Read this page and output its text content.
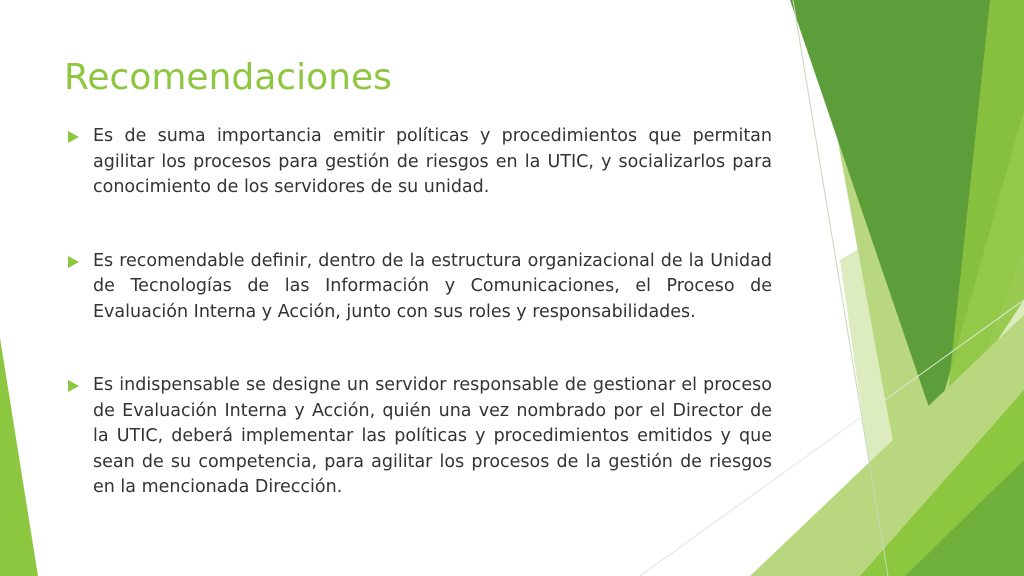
Recomendaciones
Es de suma importancia emitir políticas y procedimientos que permitan agilitar los procesos para gestión de riesgos en la UTIC, y socializarlos para conocimiento de los servidores de su unidad.
Es recomendable definir, dentro de la estructura organizacional de la Unidad de Tecnologías de las Información y Comunicaciones, el Proceso de Evaluación Interna y Acción, junto con sus roles y responsabilidades.
Es indispensable se designe un servidor responsable de gestionar el proceso de Evaluación Interna y Acción, quién una vez nombrado por el Director de la UTIC, deberá implementar las políticas y procedimientos emitidos y que sean de su competencia, para agilitar los procesos de la gestión de riesgos en la mencionada Dirección.
